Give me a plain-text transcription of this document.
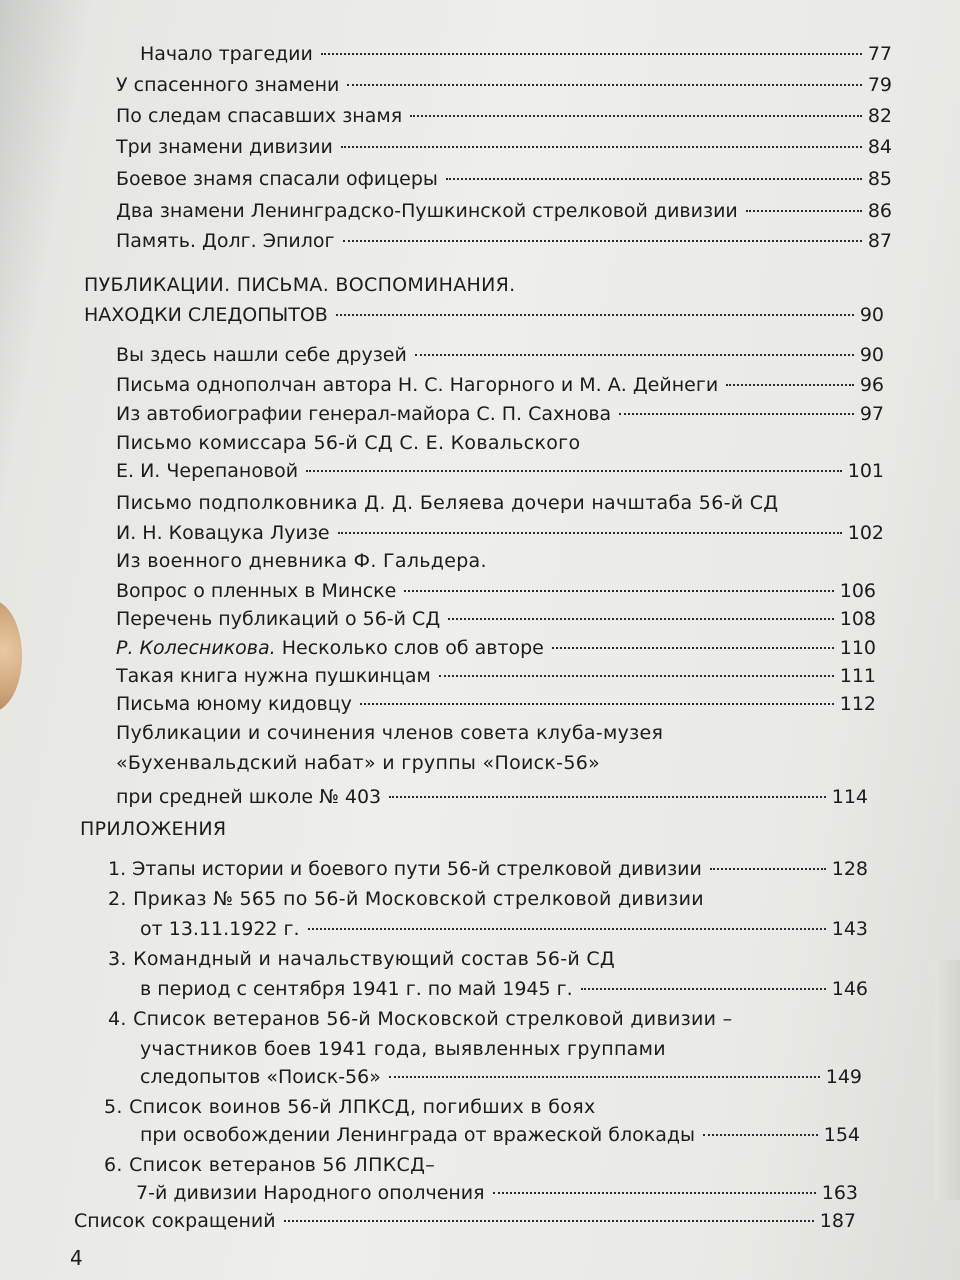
Начало трагедии	77
У спасенного знамени	79
По следам спасавших знамя	82
Три знамени дивизии	84
Боевое знамя спасали офицеры	85
Два знамени Ленинградско-Пушкинской стрелковой дивизии	86
Память. Долг. Эпилог	87
ПУБЛИКАЦИИ. ПИСЬМА. ВОСПОМИНАНИЯ.
НАХОДКИ СЛЕДОПЫТОВ	90
Вы здесь нашли себе друзей	90
Письма однополчан автора Н. С. Нагорного и М. А. Дейнеги	96
Из автобиографии генерал-майора С. П. Сахнова	97
Письмо комиссара 56-й СД С. Е. Ковальского
Е. И. Черепановой	101
Письмо подполковника Д. Д. Беляева дочери начштаба 56-й СД
И. Н. Ковацука Луизе	102
Из военного дневника Ф. Гальдера.
Вопрос о пленных в Минске	106
Перечень публикаций о 56-й СД	108
Р. Колесникова. Несколько слов об авторе	110
Такая книга нужна пушкинцам	111
Письма юному кидовцу	112
Публикации и сочинения членов совета клуба-музея
«Бухенвальдский набат» и группы «Поиск-56»
при средней школе № 403	114
ПРИЛОЖЕНИЯ
1. Этапы истории и боевого пути 56-й стрелковой дивизии	128
2. Приказ № 565 по 56-й Московской стрелковой дивизии
от 13.11.1922 г.	143
3. Командный и начальствующий состав 56-й СД
в период с сентября 1941 г. по май 1945 г.	146
4. Список ветеранов 56-й Московской стрелковой дивизии –
участников боев 1941 года, выявленных группами
следопытов «Поиск-56»	149
5. Список воинов 56-й ЛПКСД, погибших в боях
при освобождении Ленинграда от вражеской блокады	154
6. Список ветеранов 56 ЛПКСД–
7-й дивизии Народного ополчения	163
Список сокращений	187
4
